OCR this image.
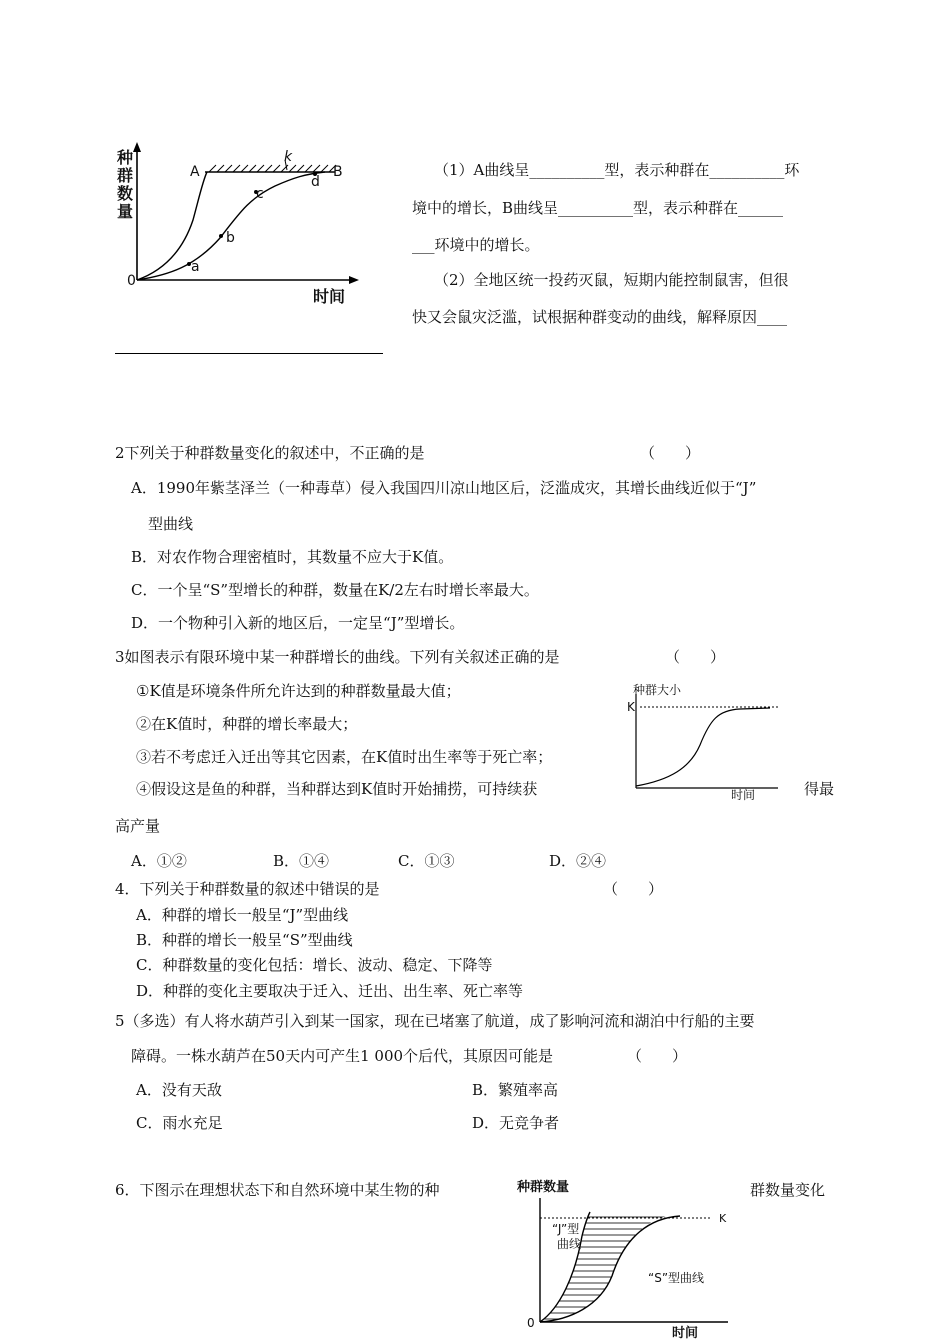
种
群
数
量
A
k
d
B
c
b
a
0
时间
（1）A曲线呈__________型，表示种群在__________环
境中的增长，B曲线呈__________型，表示种群在______
___环境中的增长。
（2）全地区统一投药灭鼠，短期内能控制鼠害，但很
快又会鼠灾泛滥，试根据种群变动的曲线，解释原因____
2下列关于种群数量变化的叙述中，不正确的是	（　　）
A．1990年紫茎泽兰（一种毒草）侵入我国四川凉山地区后，泛滥成灾，其增长曲线近似于“J”
型曲线
B．对农作物合理密植时，其数量不应大于K值。
C．一个呈“S”型增长的种群，数量在K/2左右时增长率最大。
D．一个物种引入新的地区后，一定呈“J”型增长。
3如图表示有限环境中某一种群增长的曲线。下列有关叙述正确的是	（　　）
①K值是环境条件所允许达到的种群数量最大值；
②在K值时，种群的增长率最大；
③若不考虑迁入迁出等其它因素，在K值时出生率等于死亡率；
④假设这是鱼的种群，当种群达到K值时开始捕捞，可持续获	得最
高产量
种群大小
K
时间
A．①②	B．①④	C．①③	D．②④
4．下列关于种群数量的叙述中错误的是	（　　）
A．种群的增长一般呈“J”型曲线
B．种群的增长一般呈“S”型曲线
C．种群数量的变化包括：增长、波动、稳定、下降等
D．种群的变化主要取决于迁入、迁出、出生率、死亡率等
5（多选）有人将水葫芦引入到某一国家，现在已堵塞了航道，成了影响河流和湖泊中行船的主要
障碍。一株水葫芦在50天内可产生1 000个后代，其原因可能是	（　　）
A．没有天敌	B．繁殖率高
C．雨水充足	D．无竞争者
6．下图示在理想状态下和自然环境中某生物的种	群数量变化
种群数量
K
“J”型
曲线
“S”型曲线
0
时间
